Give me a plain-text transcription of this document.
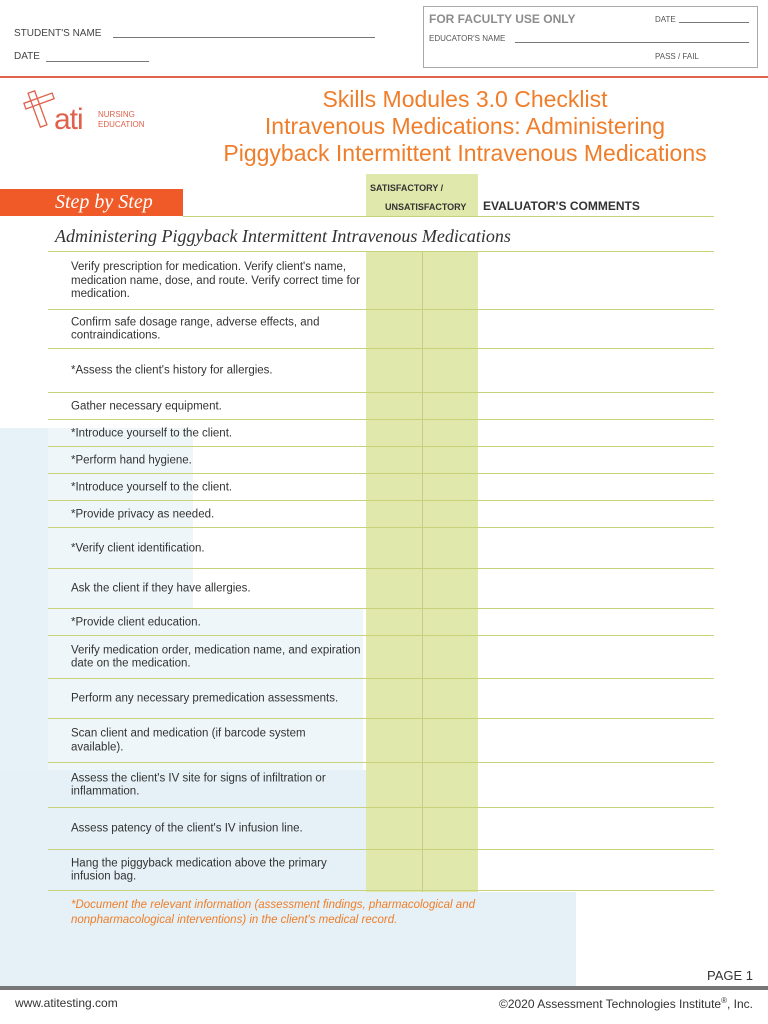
STUDENT'S NAME
DATE
FOR FACULTY USE ONLY	DATE
EDUCATOR'S NAME
PASS / FAIL
ati NURSING
EDUCATION
Skills Modules 3.0 Checklist
Intravenous Medications: Administering
Piggyback Intermittent Intravenous Medications
Step by Step
SATISFACTORY /
UNSATISFACTORY EVALUATOR'S COMMENTS
Administering Piggyback Intermittent Intravenous Medications
Verify prescription for medication. Verify client's name, medication name, dose, and route. Verify correct time for medication.
Confirm safe dosage range, adverse effects, and contraindications.
*Assess the client's history for allergies.
Gather necessary equipment.
*Introduce yourself to the client.
*Perform hand hygiene.
*Introduce yourself to the client.
*Provide privacy as needed.
*Verify client identification.
Ask the client if they have allergies.
*Provide client education.
Verify medication order, medication name, and expiration date on the medication.
Perform any necessary premedication assessments.
Scan client and medication (if barcode system available).
Assess the client's IV site for signs of infiltration or inflammation.
Assess patency of the client's IV infusion line.
Hang the piggyback medication above the primary infusion bag.
*Document the relevant information (assessment findings, pharmacological and nonpharmacological interventions) in the client's medical record.
PAGE 1
www.atitesting.com	©2020 Assessment Technologies Institute®, Inc.
